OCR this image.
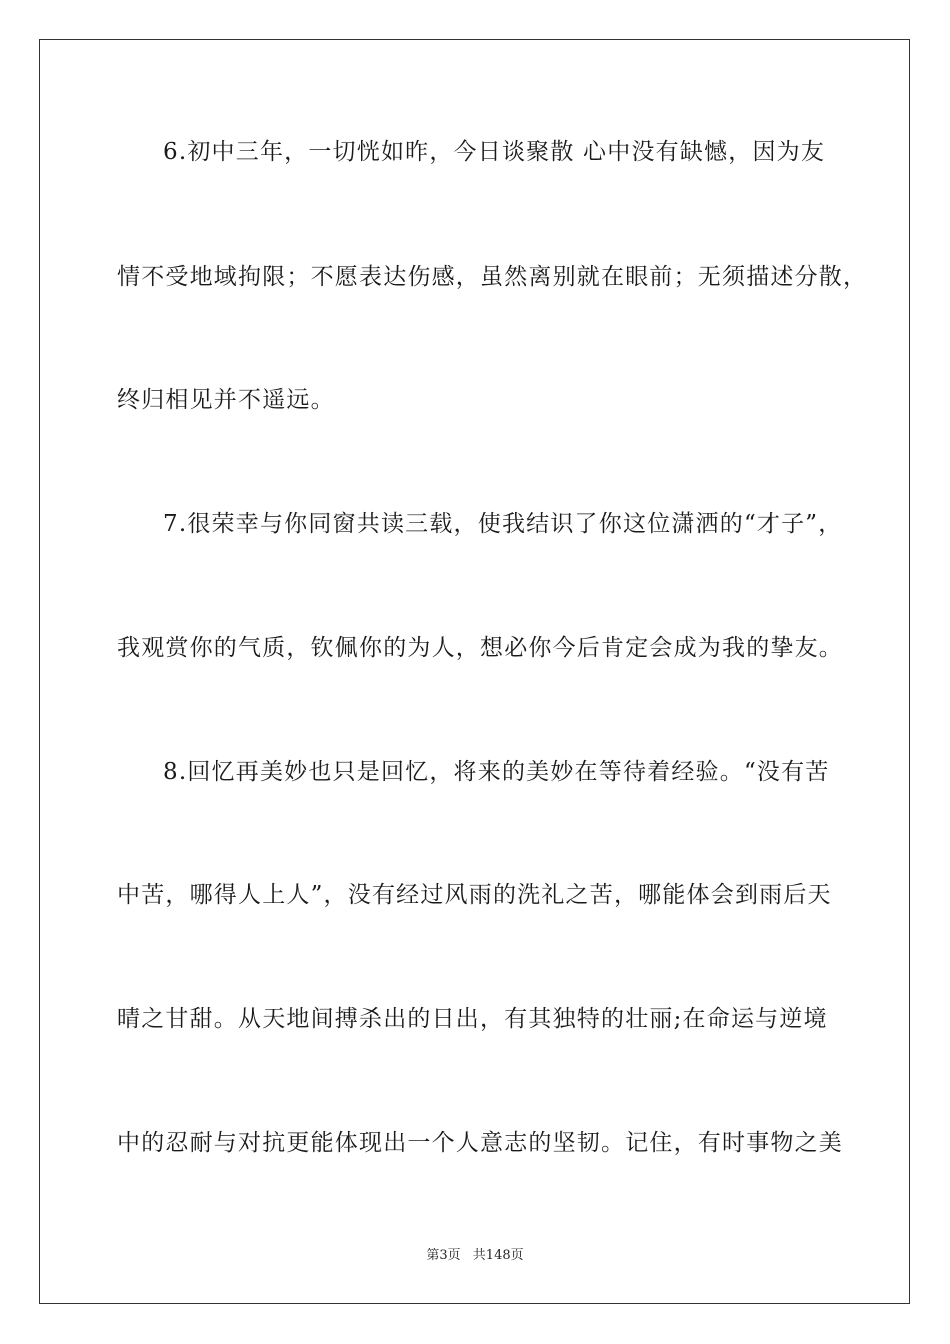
6.初中三年，一切恍如昨，今日谈聚散 心中没有缺憾，因为友
情不受地域拘限；不愿表达伤感，虽然离别就在眼前；无须描述分散，
终归相见并不遥远。
7.很荣幸与你同窗共读三载，使我结识了你这位潇洒的“才子”，
我观赏你的气质，钦佩你的为人，想必你今后肯定会成为我的挚友。
8.回忆再美妙也只是回忆，将来的美妙在等待着经验。“没有苦
中苦，哪得人上人”，没有经过风雨的洗礼之苦，哪能体会到雨后天
晴之甘甜。从天地间搏杀出的日出，有其独特的壮丽;在命运与逆境
中的忍耐与对抗更能体现出一个人意志的坚韧。记住，有时事物之美
第3页 共148页
